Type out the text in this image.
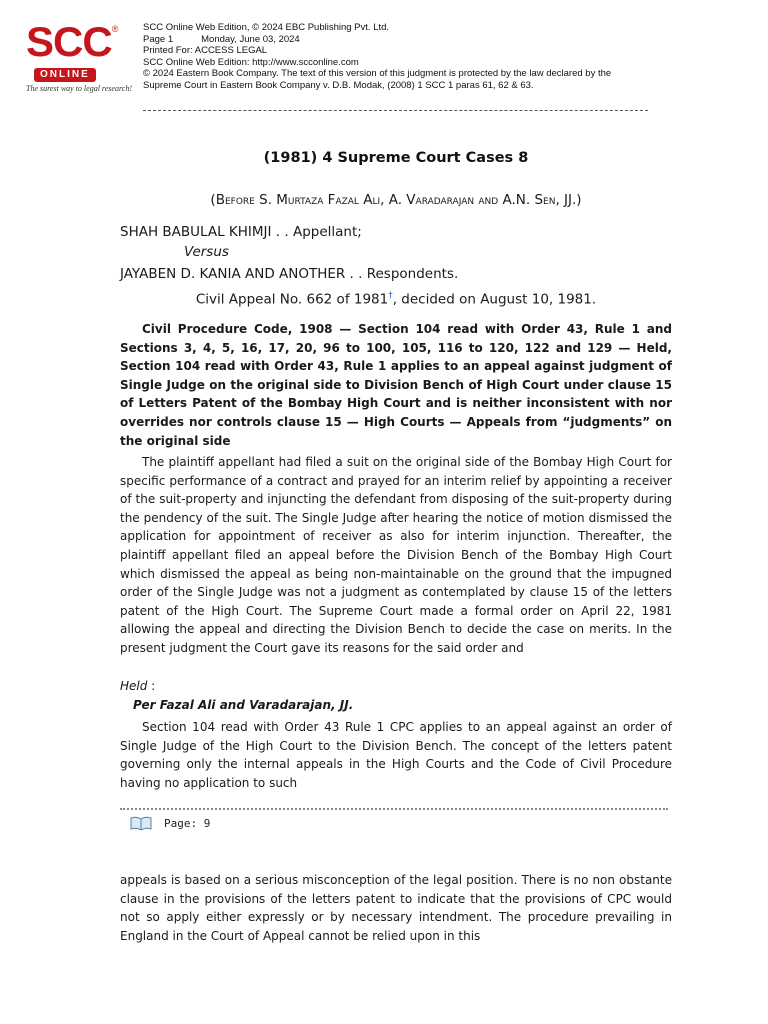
SCC®
ONLINE
The surest way to legal research!
SCC Online Web Edition, © 2024 EBC Publishing Pvt. Ltd.
Page 1	Monday, June 03, 2024
Printed For: ACCESS LEGAL
SCC Online Web Edition: http://www.scconline.com
© 2024 Eastern Book Company. The text of this version of this judgment is protected by the law declared by the Supreme Court in Eastern Book Company v. D.B. Modak, (2008) 1 SCC 1 paras 61, 62 & 63.
(1981) 4 Supreme Court Cases 8
(Before S. Murtaza Fazal Ali, A. Varadarajan and A.N. Sen, JJ.)
SHAH BABULAL KHIMJI . . Appellant;
Versus
JAYABEN D. KANIA AND ANOTHER . . Respondents.
Civil Appeal No. 662 of 1981†, decided on August 10, 1981.

Civil Procedure Code, 1908 — Section 104 read with Order 43, Rule 1 and Sections 3, 4, 5, 16, 17, 20, 96 to 100, 105, 116 to 120, 122 and 129 — Held, Section 104 read with Order 43, Rule 1 applies to an appeal against judgment of Single Judge on the original side to Division Bench of High Court under clause 15 of Letters Patent of the Bombay High Court and is neither inconsistent with nor overrides nor controls clause 15 — High Courts — Appeals from “judgments” on the original side

The plaintiff appellant had filed a suit on the original side of the Bombay High Court for specific performance of a contract and prayed for an interim relief by appointing a receiver of the suit-property and injuncting the defendant from disposing of the suit-property during the pendency of the suit. The Single Judge after hearing the notice of motion dismissed the application for appointment of receiver as also for interim injunction. Thereafter, the plaintiff appellant filed an appeal before the Division Bench of the Bombay High Court which dismissed the appeal as being non-maintainable on the ground that the impugned order of the Single Judge was not a judgment as contemplated by clause 15 of the letters patent of the High Court. The Supreme Court made a formal order on April 22, 1981 allowing the appeal and directing the Division Bench to decide the case on merits. In the present judgment the Court gave its reasons for the said order and

Held :
Per Fazal Ali and Varadarajan, JJ.

Section 104 read with Order 43 Rule 1 CPC applies to an appeal against an order of Single Judge of the High Court to the Division Bench. The concept of the letters patent governing only the internal appeals in the High Courts and the Code of Civil Procedure having no application to such

Page: 9

appeals is based on a serious misconception of the legal position. There is no non obstante clause in the provisions of the letters patent to indicate that the provisions of CPC would not so apply either expressly or by necessary intendment. The procedure prevailing in England in the Court of Appeal cannot be relied upon in this
